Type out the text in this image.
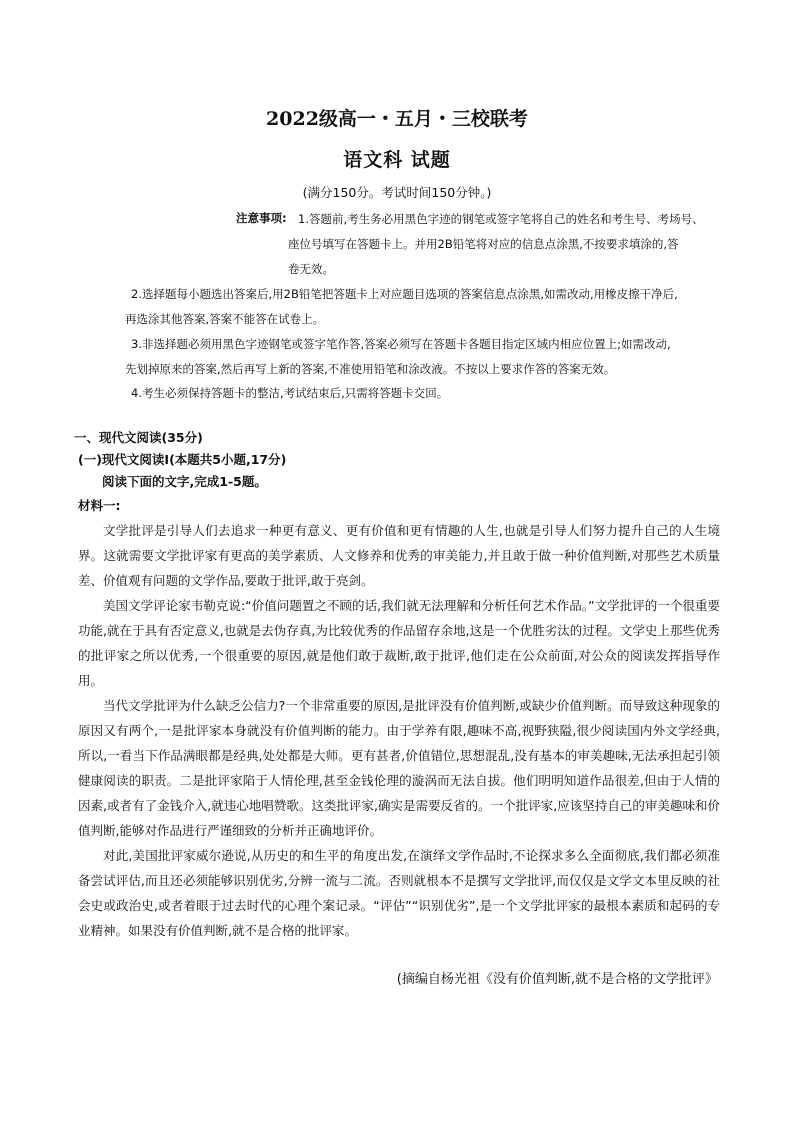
2022级高一・五月・三校联考
语文科 试题
(满分150分。考试时间150分钟。)
注意事项: 1.答题前,考生务必用黑色字迹的钢笔或签字笔将自己的姓名和考生号、考场号、
座位号填写在答题卡上。并用2B铅笔将对应的信息点涂黑,不按要求填涂的,答
卷无效。
2.选择题每小题选出答案后,用2B铅笔把答题卡上对应题目选项的答案信息点涂黑,如需改动,用橡皮擦干净后,
再选涂其他答案,答案不能答在试卷上。
3.非选择题必须用黑色字迹钢笔或签字笔作答,答案必须写在答题卡各题目指定区域内相应位置上;如需改动,
先划掉原来的答案,然后再写上新的答案,不准使用铅笔和涂改液。不按以上要求作答的答案无效。
4.考生必须保持答题卡的整洁,考试结束后,只需将答题卡交回。
一、现代文阅读(35分)
(一)现代文阅读Ⅰ(本题共5小题,17分)
阅读下面的文字,完成1-5题。
材料一:

文学批评是引导人们去追求一种更有意义、更有价值和更有情趣的人生,也就是引导人们努力提升自己的人生境界。这就需要文学批评家有更高的美学素质、人文修养和优秀的审美能力,并且敢于做一种价值判断,对那些艺术质量差、价值观有问题的文学作品,要敢于批评,敢于亮剑。

美国文学评论家韦勒克说:“价值问题置之不顾的话,我们就无法理解和分析任何艺术作品。”文学批评的一个很重要功能,就在于具有否定意义,也就是去伪存真,为比较优秀的作品留存余地,这是一个优胜劣汰的过程。文学史上那些优秀的批评家之所以优秀,一个很重要的原因,就是他们敢于裁断,敢于批评,他们走在公众前面,对公众的阅读发挥指导作用。

当代文学批评为什么缺乏公信力?一个非常重要的原因,是批评没有价值判断,或缺少价值判断。而导致这种现象的原因又有两个,一是批评家本身就没有价值判断的能力。由于学养有限,趣味不高,视野狭隘,很少阅读国内外文学经典,所以,一看当下作品满眼都是经典,处处都是大师。更有甚者,价值错位,思想混乱,没有基本的审美趣味,无法承担起引领健康阅读的职责。二是批评家陷于人情伦理,甚至金钱伦理的漩涡而无法自拔。他们明明知道作品很差,但由于人情的因素,或者有了金钱介入,就违心地唱赞歌。这类批评家,确实是需要反省的。一个批评家,应该坚持自己的审美趣味和价值判断,能够对作品进行严谨细致的分析并正确地评价。

对此,美国批评家威尔逊说,从历史的和生平的角度出发,在演绎文学作品时,不论探求多么全面彻底,我们都必须准备尝试评估,而且还必须能够识别优劣,分辨一流与二流。否则就根本不是撰写文学批评,而仅仅是文学文本里反映的社会史或政治史,或者着眼于过去时代的心理个案记录。“评估”“识别优劣”,是一个文学批评家的最根本素质和起码的专业精神。如果没有价值判断,就不是合格的批评家。

(摘编自杨光祖《没有价值判断,就不是合格的文学批评》
